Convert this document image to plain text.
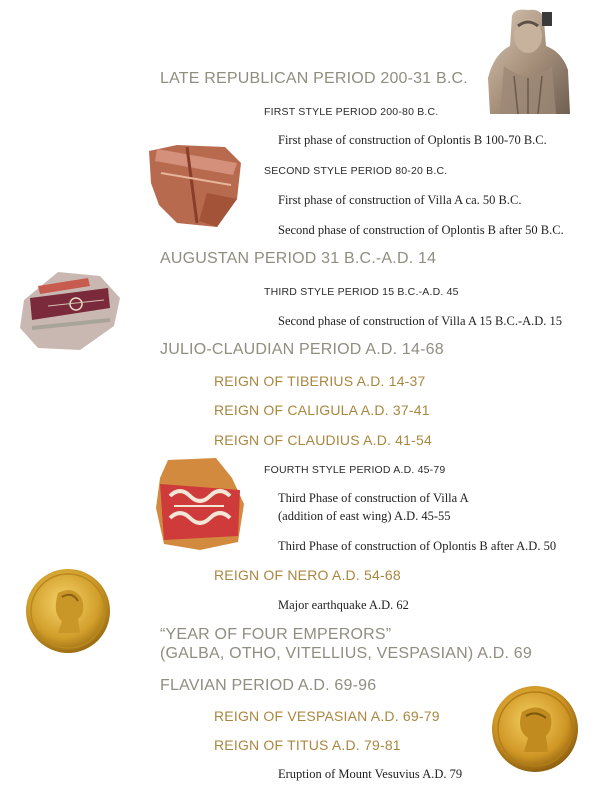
LATE REPUBLICAN PERIOD 200-31 B.C.
FIRST STYLE PERIOD 200-80 B.C.
First phase of construction of Oplontis B 100-70 B.C.
SECOND STYLE PERIOD 80-20 B.C.
First phase of construction of Villa A ca. 50 B.C.
Second phase of construction of Oplontis B after 50 B.C.
AUGUSTAN PERIOD 31 B.C.-A.D. 14
THIRD STYLE PERIOD 15 B.C.-A.D. 45
Second phase of construction of Villa A 15 B.C.-A.D. 15
JULIO-CLAUDIAN PERIOD A.D. 14-68
REIGN OF TIBERIUS A.D. 14-37
REIGN OF CALIGULA A.D. 37-41
REIGN OF CLAUDIUS A.D. 41-54
FOURTH STYLE PERIOD A.D. 45-79
Third Phase of construction of Villa A
(addition of east wing) A.D. 45-55
Third Phase of construction of Oplontis B after A.D. 50
REIGN OF NERO A.D. 54-68
Major earthquake A.D. 62
“YEAR OF FOUR EMPERORS”
(GALBA, OTHO, VITELLIUS, VESPASIAN) A.D. 69
FLAVIAN PERIOD A.D. 69-96
REIGN OF VESPASIAN A.D. 69-79
REIGN OF TITUS A.D. 79-81
Eruption of Mount Vesuvius A.D. 79
